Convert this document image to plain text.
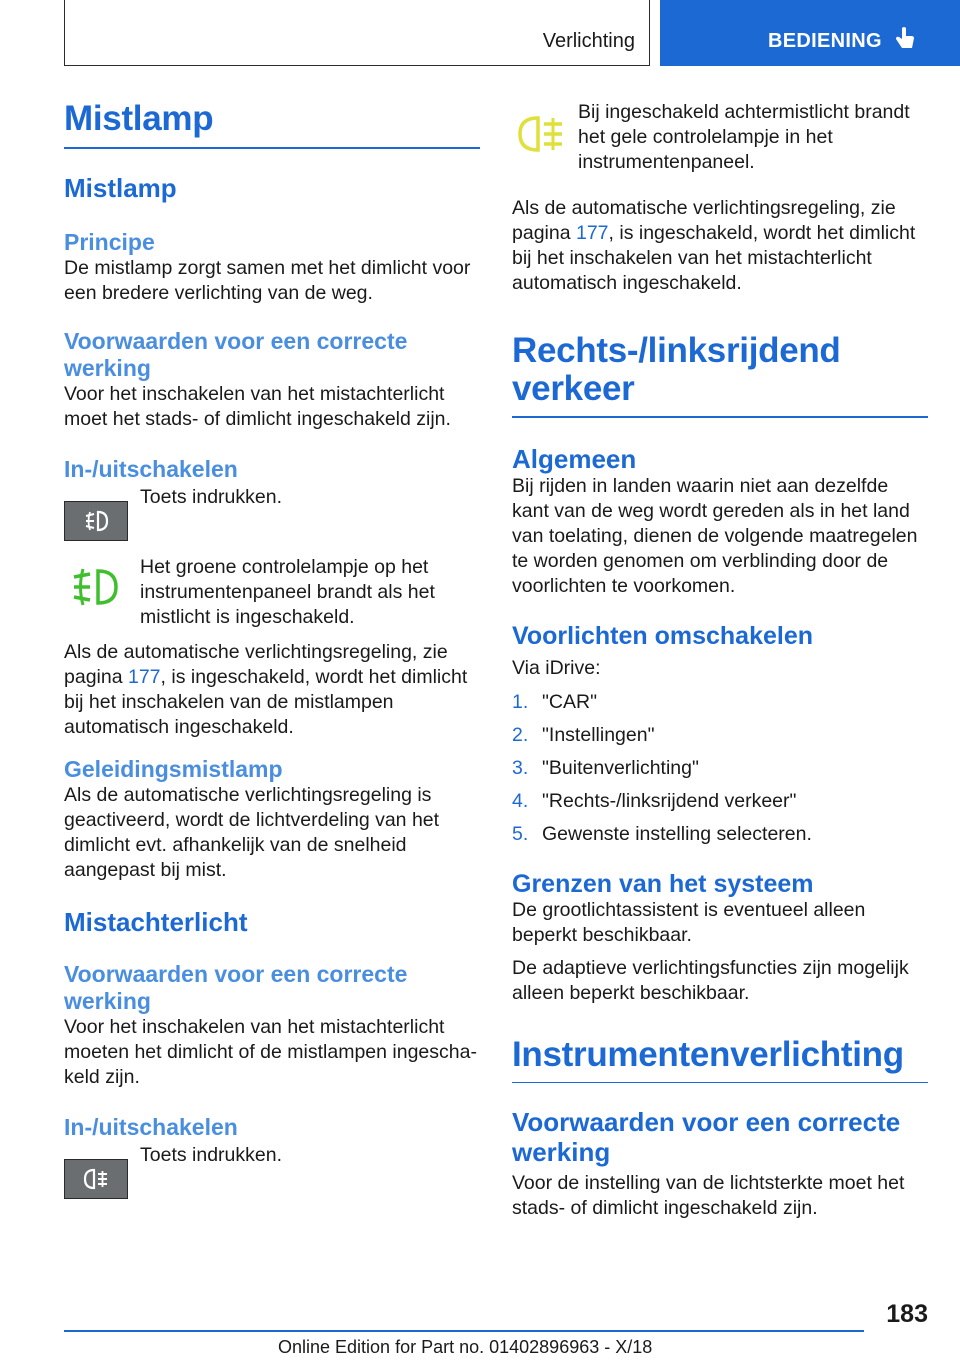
Verlichting	BEDIENING
Mistlamp
Mistlamp
Principe

De mistlamp zorgt samen met het dimlicht voor een bredere verlichting van de weg.

Voorwaarden voor een correcte werking

Voor het inschakelen van het mistachterlicht moet het stads- of dimlicht ingeschakeld zijn.

In-/uitschakelen

Toets indrukken.

Het groene controlelampje op het instrumentenpaneel brandt als het mistlicht is ingeschakeld.

Als de automatische verlichtingsregeling, zie pagina 177, is ingeschakeld, wordt het dimlicht bij het inschakelen van de mistlampen automatisch ingeschakeld.

Geleidingsmistlamp

Als de automatische verlichtingsregeling is geactiveerd, wordt de lichtverdeling van het dimlicht evt. afhankelijk van de snelheid aangepast bij mist.

Mistachterlicht
Voorwaarden voor een correcte werking

Voor het inschakelen van het mistachterlicht moeten het dimlicht of de mistlampen ingeschakeld zijn.

In-/uitschakelen

Toets indrukken.

Bij ingeschakeld achtermistlicht brandt het gele controlelampje in het instrumentenpaneel.

Als de automatische verlichtingsregeling, zie pagina 177, is ingeschakeld, wordt het dimlicht bij het inschakelen van het mistachterlicht automatisch ingeschakeld.

Rechts-/linksrijdend
verkeer
Algemeen

Bij rijden in landen waarin niet aan dezelfde kant van de weg wordt gereden als in het land van toelating, dienen de volgende maatregelen te worden genomen om verblinding door de voorlichten te voorkomen.

Voorlichten omschakelen

Via iDrive:

1. "CAR"
2. "Instellingen"
3. "Buitenverlichting"
4. "Rechts-/linksrijdend verkeer"
5. Gewenste instelling selecteren.
Grenzen van het systeem

De grootlichtassistent is eventueel alleen beperkt beschikbaar.

De adaptieve verlichtingsfuncties zijn mogelijk alleen beperkt beschikbaar.

Instrumentenverlichting
Voorwaarden voor een correcte werking

Voor de instelling van de lichtsterkte moet het stads- of dimlicht ingeschakeld zijn.

183
Online Edition for Part no. 01402896963 - X/18
